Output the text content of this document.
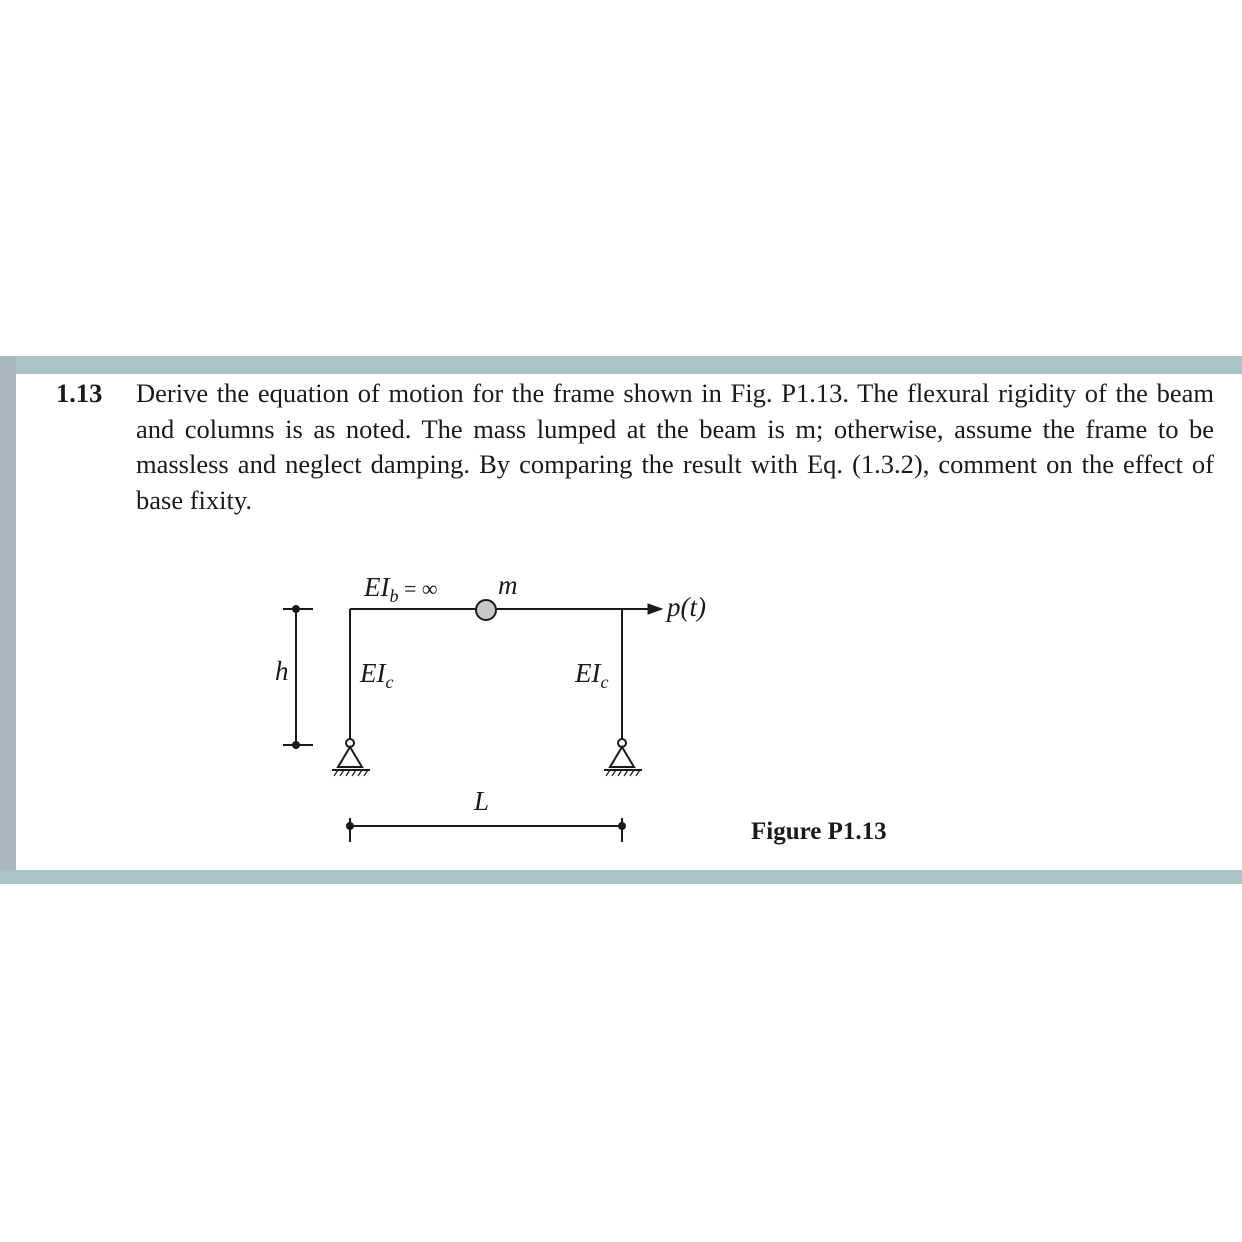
1.13	Derive the equation of motion for the frame shown in Fig. P1.13. The flexural rigidity of the beam and columns is as noted. The mass lumped at the beam is m; otherwise, assume the frame to be massless and neglect damping. By comparing the result with Eq. (1.3.2), comment on the effect of base fixity.
$EI_b$ = ∞ m
p(t)
h	$EI_c$	$EI_c$
L
Figure P1.13
